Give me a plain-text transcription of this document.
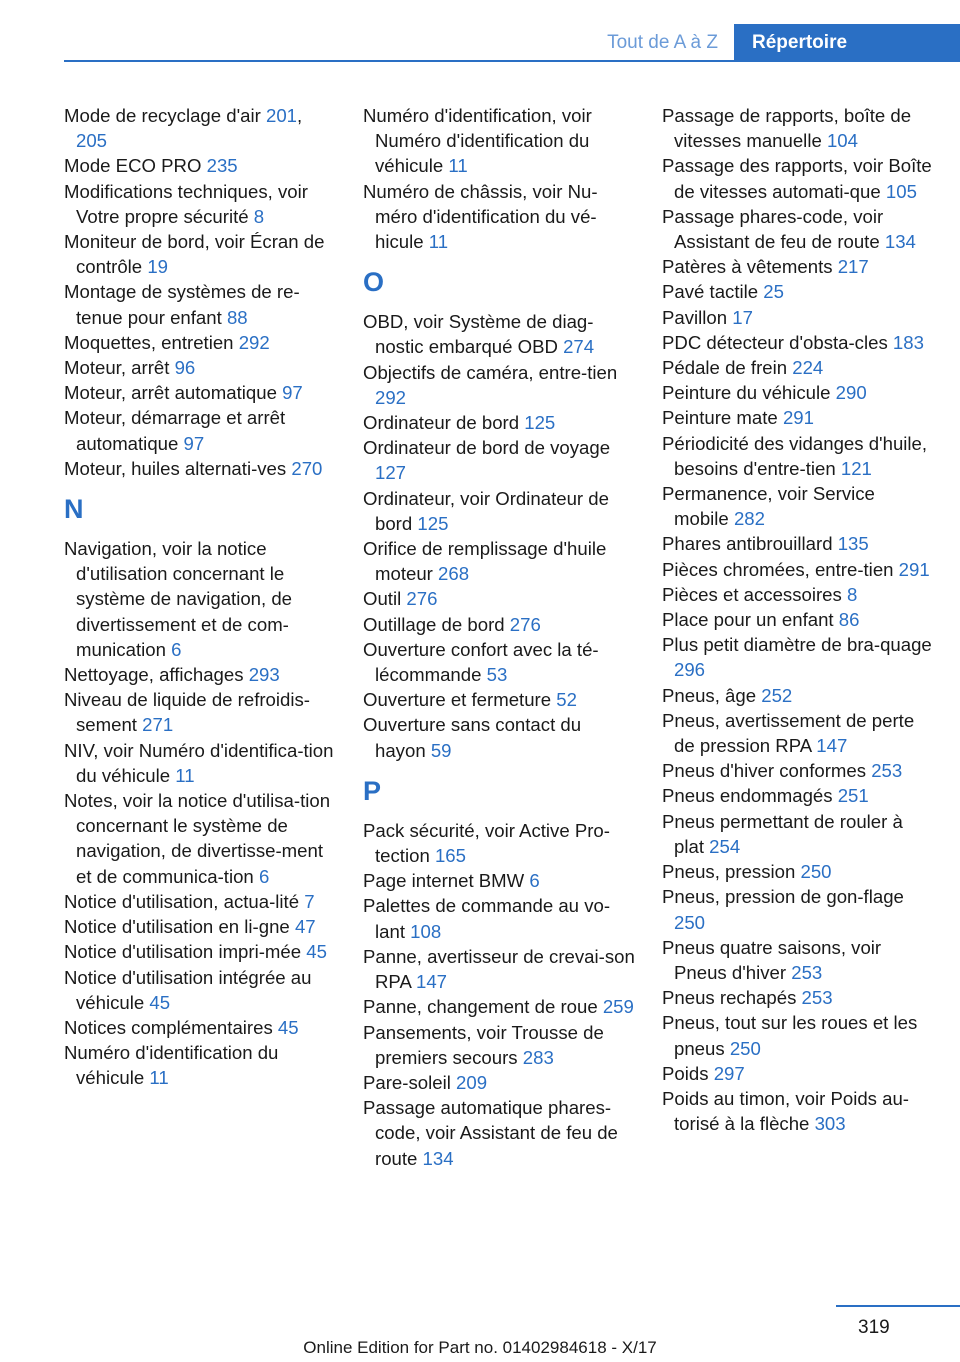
Tout de A à Z	Répertoire
Mode de recyclage d'air 201, 205
Mode ECO PRO 235
Modifications techniques, voir Votre propre sécurité 8
Moniteur de bord, voir Écran de contrôle 19
Montage de systèmes de re-tenue pour enfant 88
Moquettes, entretien 292
Moteur, arrêt 96
Moteur, arrêt automatique 97
Moteur, démarrage et arrêt automatique 97
Moteur, huiles alternati-ves 270
N
Navigation, voir la notice d'utilisation concernant le système de navigation, de divertissement et de com-munication 6
Nettoyage, affichages 293
Niveau de liquide de refroidis-sement 271
NIV, voir Numéro d'identifica-tion du véhicule 11
Notes, voir la notice d'utilisa-tion concernant le système de navigation, de divertisse-ment et de communica-tion 6
Notice d'utilisation, actua-lité 7
Notice d'utilisation en li-gne 47
Notice d'utilisation impri-mée 45
Notice d'utilisation intégrée au véhicule 45
Notices complémentaires 45
Numéro d'identification du véhicule 11
Numéro d'identification, voir Numéro d'identification du véhicule 11
Numéro de châssis, voir Nu-méro d'identification du vé-hicule 11
O
OBD, voir Système de diag-nostic embarqué OBD 274
Objectifs de caméra, entre-tien 292
Ordinateur de bord 125
Ordinateur de bord de voyage 127
Ordinateur, voir Ordinateur de bord 125
Orifice de remplissage d'huile moteur 268
Outil 276
Outillage de bord 276
Ouverture confort avec la té-lécommande 53
Ouverture et fermeture 52
Ouverture sans contact du hayon 59
P
Pack sécurité, voir Active Pro-tection 165
Page internet BMW 6
Palettes de commande au vo-lant 108
Panne, avertisseur de crevai-son RPA 147
Panne, changement de roue 259
Pansements, voir Trousse de premiers secours 283
Pare-soleil 209
Passage automatique phares-code, voir Assistant de feu de route 134
Passage de rapports, boîte de vitesses manuelle 104
Passage des rapports, voir Boîte de vitesses automati-que 105
Passage phares-code, voir Assistant de feu de route 134
Patères à vêtements 217
Pavé tactile 25
Pavillon 17
PDC détecteur d'obsta-cles 183
Pédale de frein 224
Peinture du véhicule 290
Peinture mate 291
Périodicité des vidanges d'huile, besoins d'entre-tien 121
Permanence, voir Service mobile 282
Phares antibrouillard 135
Pièces chromées, entre-tien 291
Pièces et accessoires 8
Place pour un enfant 86
Plus petit diamètre de bra-quage 296
Pneus, âge 252
Pneus, avertissement de perte de pression RPA 147
Pneus d'hiver conformes 253
Pneus endommagés 251
Pneus permettant de rouler à plat 254
Pneus, pression 250
Pneus, pression de gon-flage 250
Pneus quatre saisons, voir Pneus d'hiver 253
Pneus rechapés 253
Pneus, tout sur les roues et les pneus 250
Poids 297
Poids au timon, voir Poids au-torisé à la flèche 303
319
Online Edition for Part no. 01402984618 - X/17
